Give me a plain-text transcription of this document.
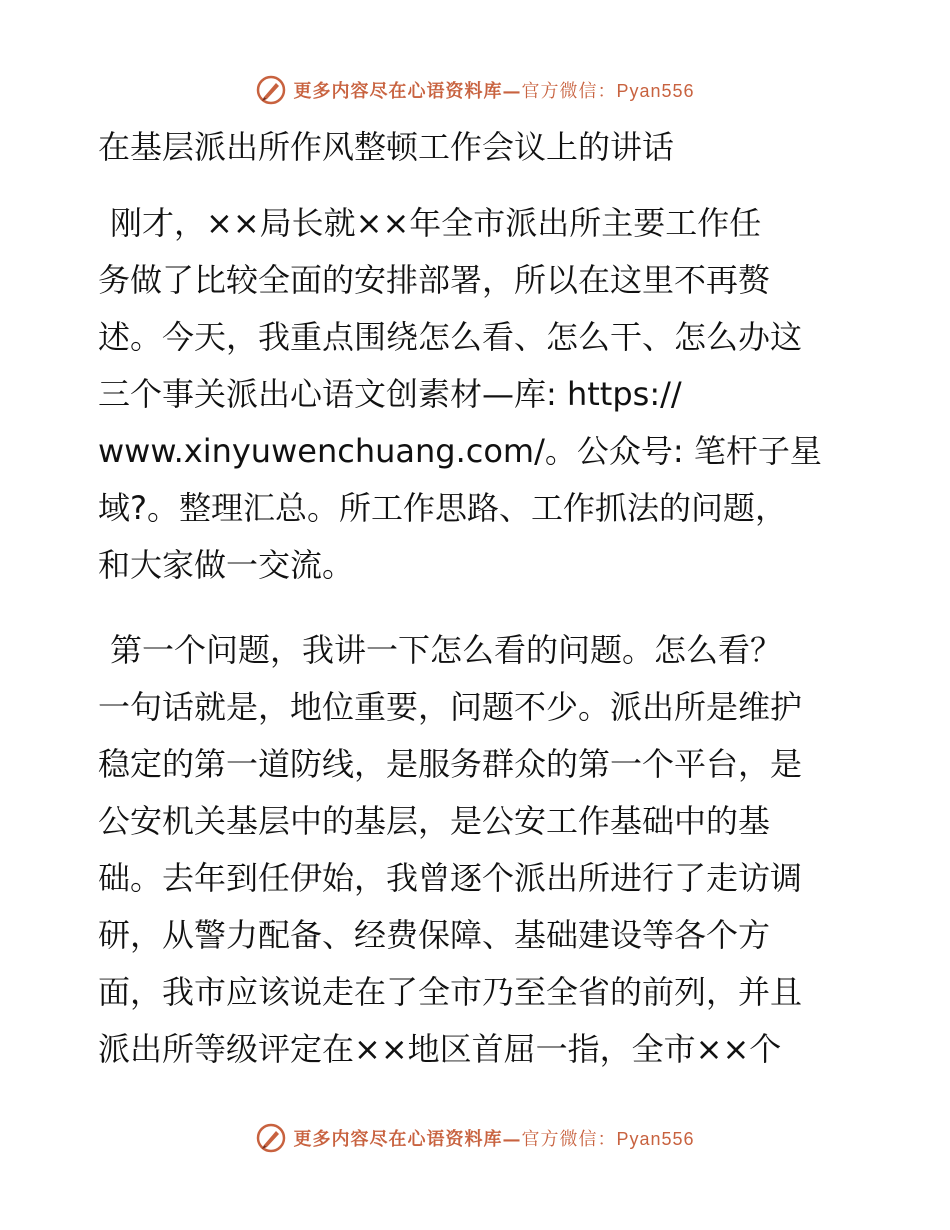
更多内容尽在心语资料库—官方微信：Pyan556
在基层派出所作风整顿工作会议上的讲话
刚才，××局长就××年全市派出所主要工作任
务做了比较全面的安排部署，所以在这里不再赘
述。今天，我重点围绕怎么看、怎么干、怎么办这
三个事关派出心语文创素材—库: https://
www.xinyuwenchuang.com/。公众号: 笔杆子星
域?。整理汇总。所工作思路、工作抓法的问题，
和大家做一交流。
第一个问题，我讲一下怎么看的问题。怎么看？
一句话就是，地位重要，问题不少。派出所是维护
稳定的第一道防线，是服务群众的第一个平台，是
公安机关基层中的基层，是公安工作基础中的基
础。去年到任伊始，我曾逐个派出所进行了走访调
研，从警力配备、经费保障、基础建设等各个方
面，我市应该说走在了全市乃至全省的前列，并且
派出所等级评定在××地区首屈一指，全市××个
更多内容尽在心语资料库—官方微信：Pyan556
